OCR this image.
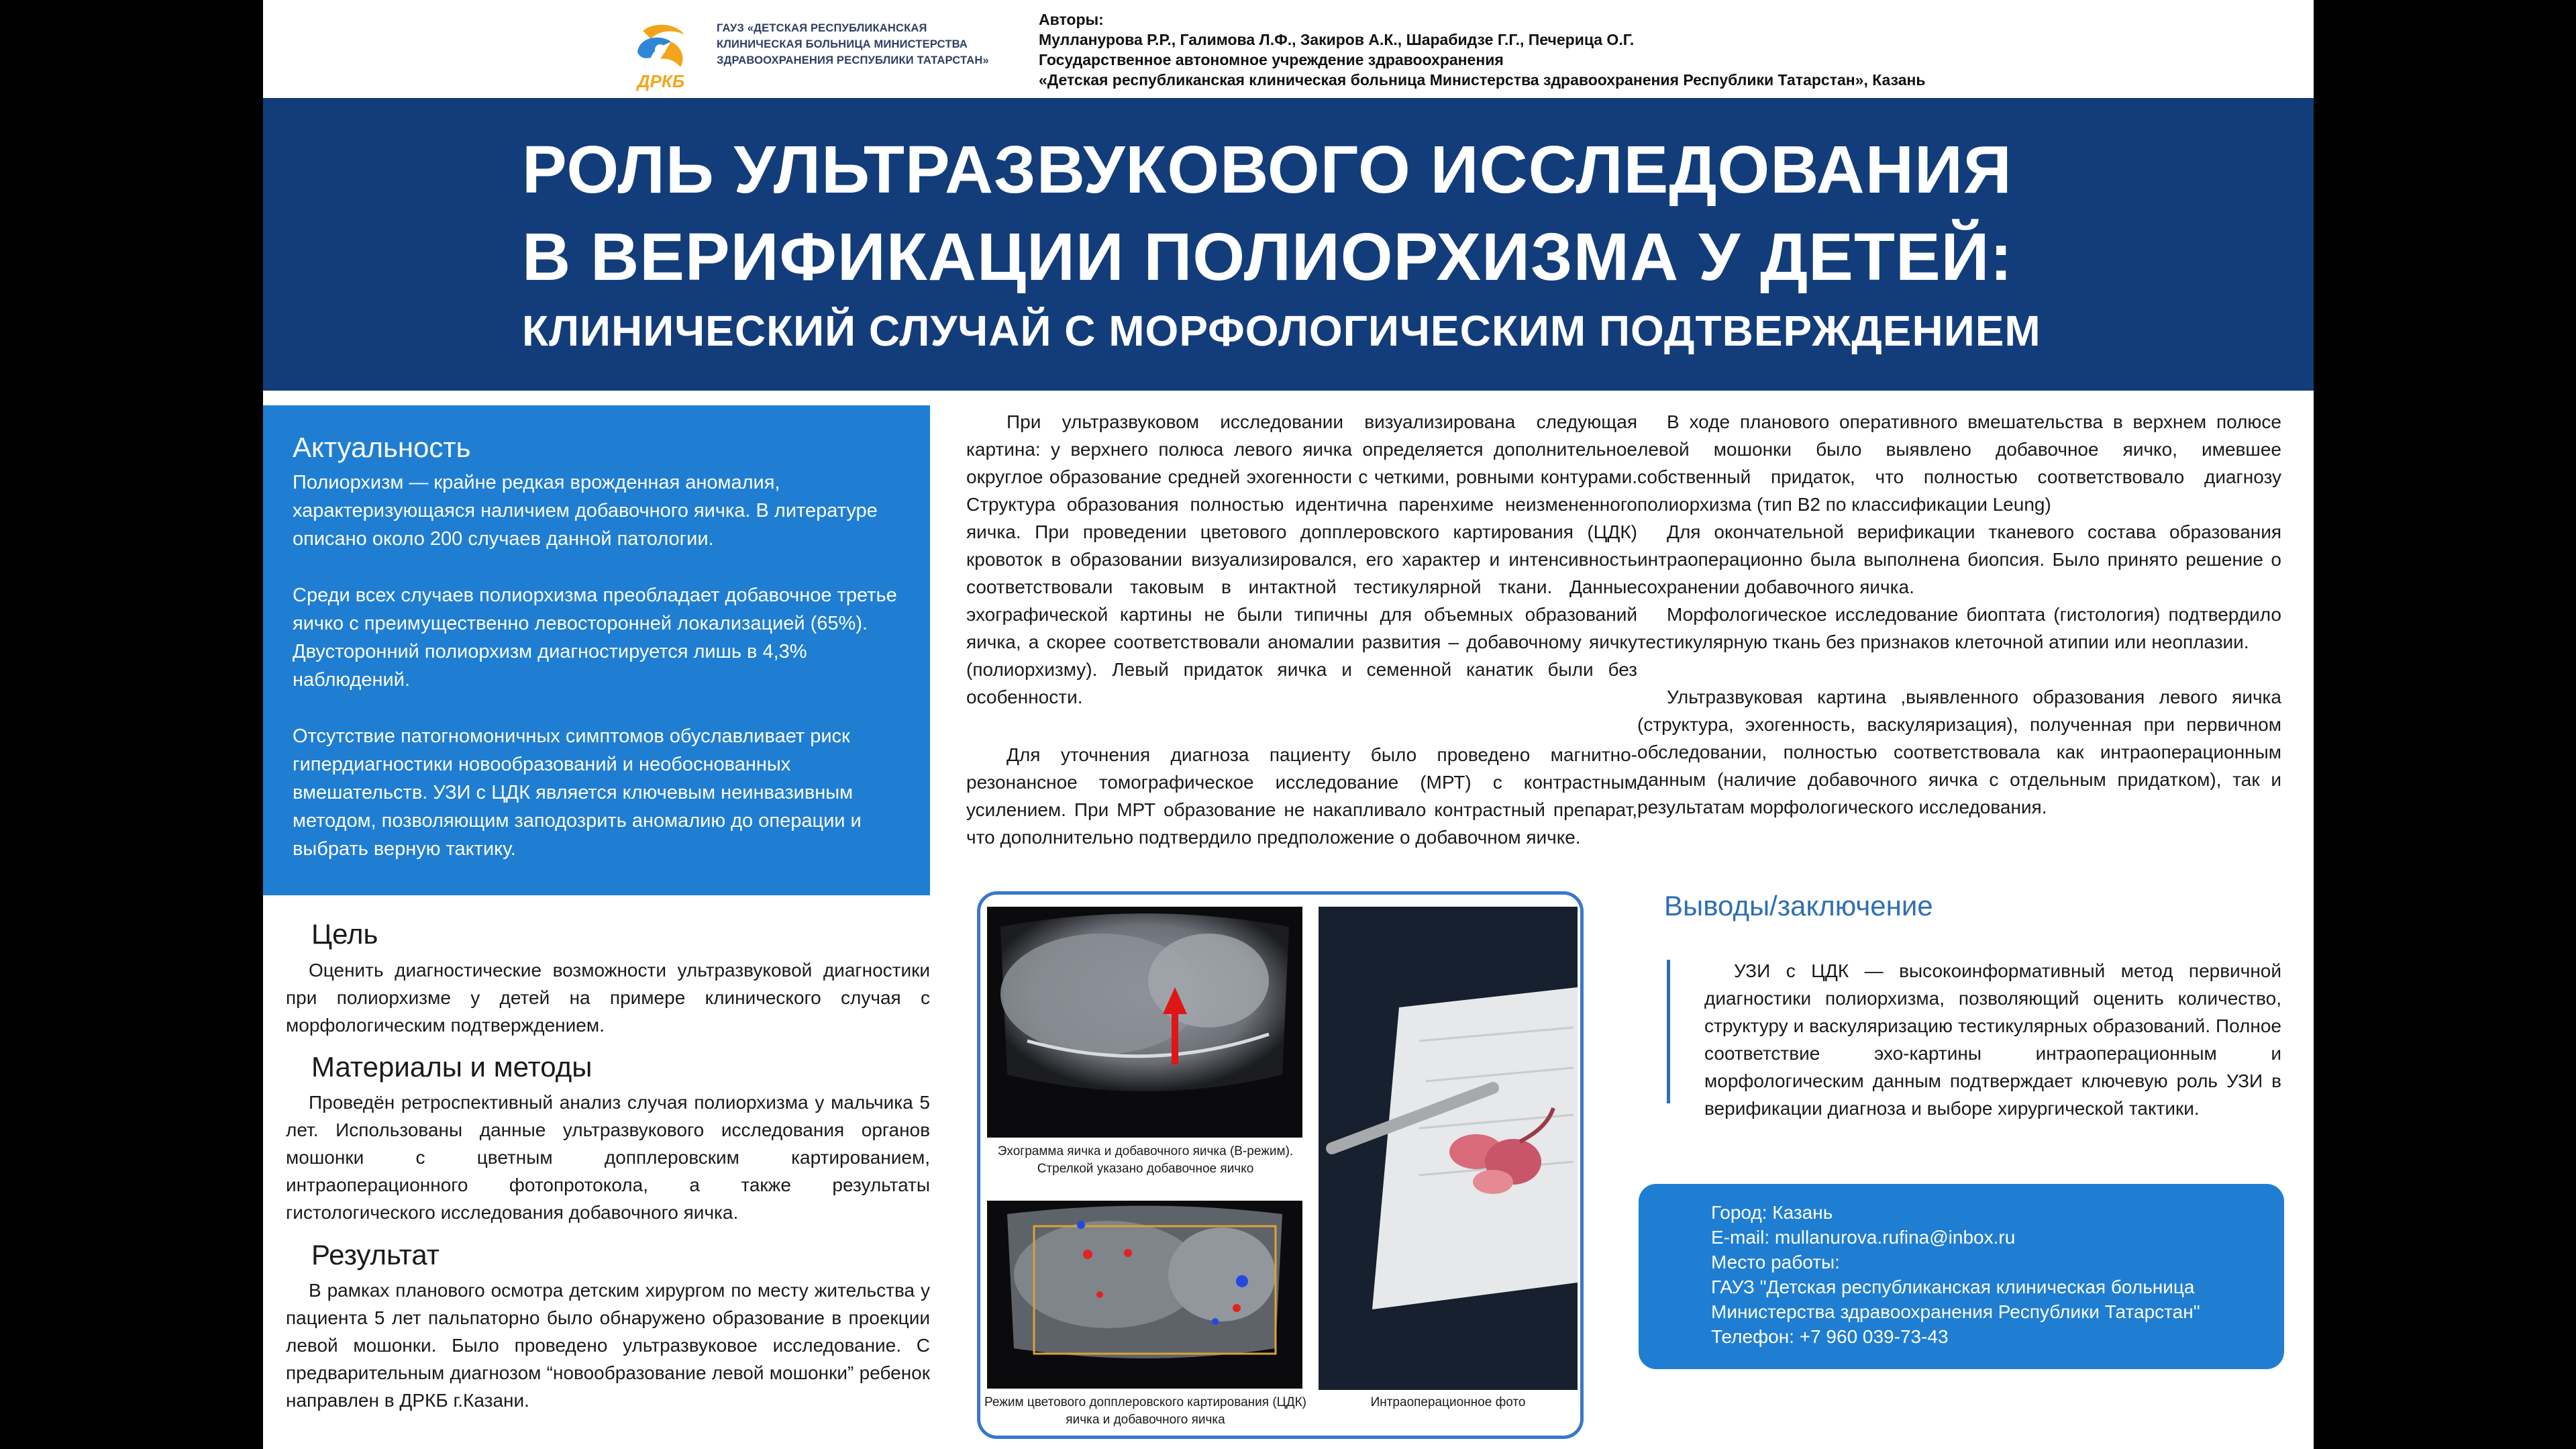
ДРКБ
ГАУЗ «ДЕТСКАЯ РЕСПУБЛИКАНСКАЯ
КЛИНИЧЕСКАЯ БОЛЬНИЦА МИНИСТЕРСТВА
ЗДРАВООХРАНЕНИЯ РЕСПУБЛИКИ ТАТАРСТАН»
Авторы:
Мулланурова Р.Р., Галимова Л.Ф., Закиров А.К., Шарабидзе Г.Г., Печерица О.Г.
Государственное автономное учреждение здравоохранения
«Детская республиканская клиническая больница Министерства здравоохранения Республики Татарстан», Казань
РОЛЬ УЛЬТРАЗВУКОВОГО ИССЛЕДОВАНИЯ
В ВЕРИФИКАЦИИ ПОЛИОРХИЗМА У ДЕТЕЙ:
КЛИНИЧЕСКИЙ СЛУЧАЙ С МОРФОЛОГИЧЕСКИМ ПОДТВЕРЖДЕНИЕМ
Актуальность
Полиорхизм — крайне редкая врожденная аномалия, характеризующаяся наличием добавочного яичка. В литературе описано около 200 случаев данной патологии.
Среди всех случаев полиорхизма преобладает добавочное третье яичко с преимущественно левосторонней локализацией (65%). Двусторонний полиорхизм диагностируется лишь в 4,3% наблюдений.
Отсутствие патогномоничных симптомов обуславливает риск гипердиагностики новообразований и необоснованных вмешательств. УЗИ с ЦДК является ключевым неинвазивным методом, позволяющим заподозрить аномалию до операции и выбрать верную тактику.
Цель
Оценить диагностические возможности ультразвуковой диагностики при полиорхизме у детей на примере клинического случая с морфологическим подтверждением.
Материалы и методы
Проведён ретроспективный анализ случая полиорхизма у мальчика 5 лет. Использованы данные ультразвукового исследования органов мошонки с цветным допплеровским картированием, интраоперационного фотопротокола, а также результаты гистологического исследования добавочного яичка.
Результат
В рамках планового осмотра детским хирургом по месту жительства у пациента 5 лет пальпаторно было обнаружено образование в проекции левой мошонки. Было проведено ультразвуковое исследование. С предварительным диагнозом “новообразование левой мошонки” ребенок направлен в ДРКБ г.Казани.
При ультразвуковом исследовании визуализирована следующая картина: у верхнего полюса левого яичка определяется дополнительное округлое образование средней эхогенности с четкими, ровными контурами. Структура образования полностью идентична паренхиме неизмененного яичка. При проведении цветового допплеровского картирования (ЦДК) кровоток в образовании визуализировался, его характер и интенсивность соответствовали таковым в интактной тестикулярной ткани. Данные эхографической картины не были типичны для объемных образований яичка, а скорее соответствовали аномалии развития – добавочному яичку (полиорхизму). Левый придаток яичка и семенной канатик были без особенности.
Для уточнения диагноза пациенту было проведено магнитно-резонансное томографическое исследование (МРТ) с контрастным усилением. При МРТ образование не накапливало контрастный препарат, что дополнительно подтвердило предположение о добавочном яичке.
Эхограмма яичка и добавочного яичка (В-режим). Стрелкой указано добавочное яичко
Режим цветового допплеровского картирования (ЦДК) яичка и добавочного яичка
Интраоперационное фото
В ходе планового оперативного вмешательства в верхнем полюсе левой мошонки было выявлено добавочное яичко, имевшее собственный придаток, что полностью соответствовало диагнозу полиорхизма (тип В2 по классификации Leung)
Для окончательной верификации тканевого состава образования интраоперационно была выполнена биопсия. Было принято решение о сохранении добавочного яичка.
Морфологическое исследование биоптата (гистология) подтвердило тестикулярную ткань без признаков клеточной атипии или неоплазии.
Ультразвуковая картина ,выявленного образования левого яичка (структура, эхогенность, васкуляризация), полученная при первичном обследовании, полностью соответствовала как интраоперационным данным (наличие добавочного яичка с отдельным придатком), так и результатам морфологического исследования.
Выводы/заключение
УЗИ с ЦДК — высокоинформативный метод первичной диагностики полиорхизма, позволяющий оценить количество, структуру и васкуляризацию тестикулярных образований. Полное соответствие эхо-картины интраоперационным и морфологическим данным подтверждает ключевую роль УЗИ в верификации диагноза и выборе хирургической тактики.
Город: Казань
E-mail: mullanurova.rufina@inbox.ru
Место работы:
ГАУЗ "Детская республиканская клиническая больница
Министерства здравоохранения Республики Татарстан"
Телефон: +7 960 039-73-43
